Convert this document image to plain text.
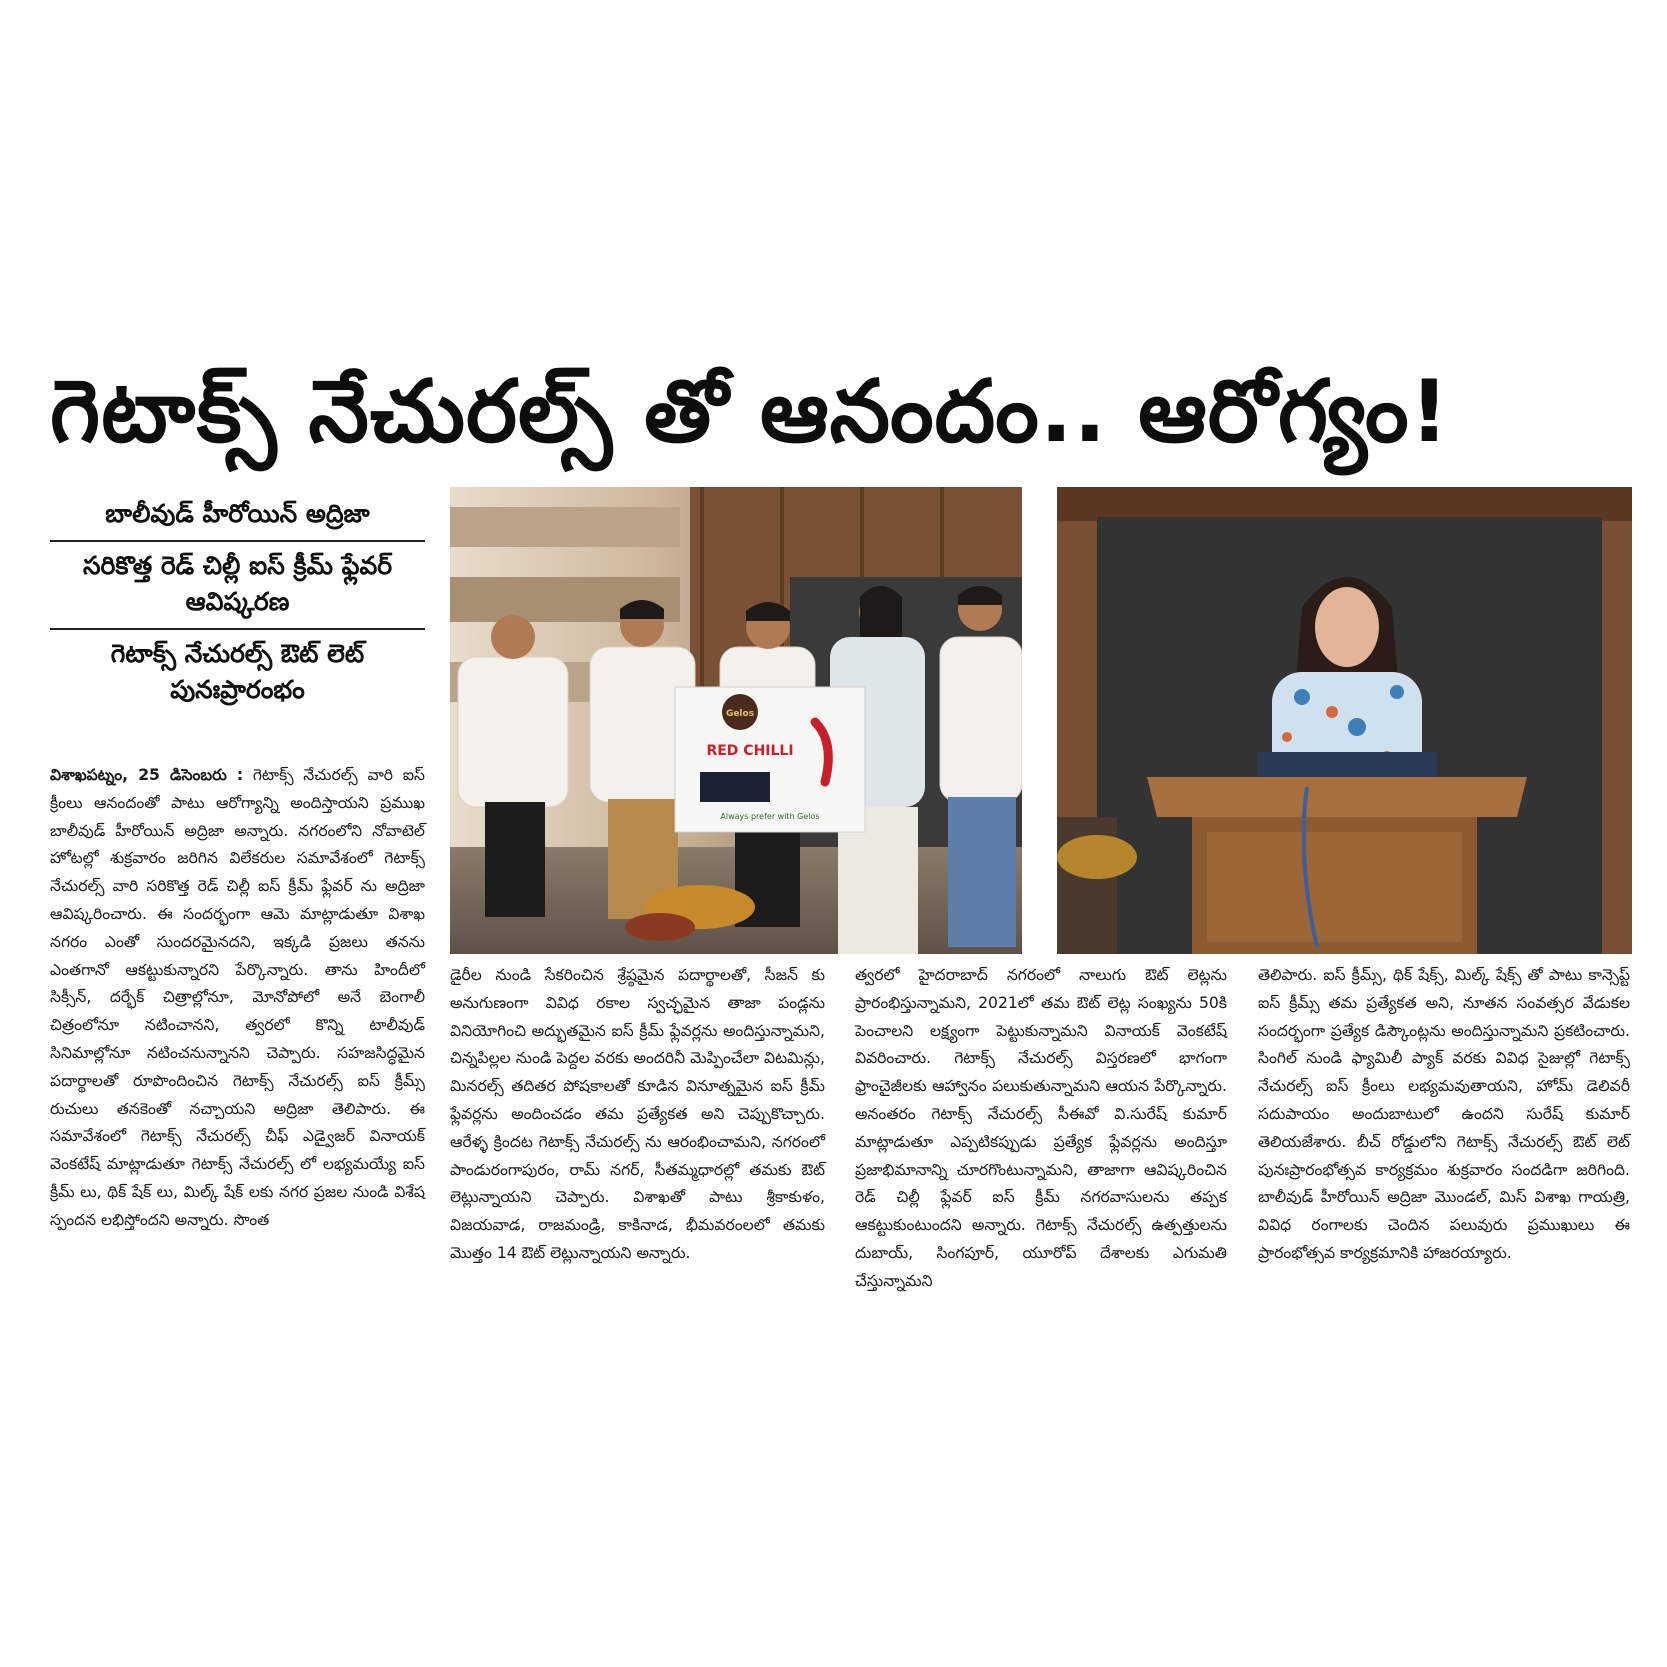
గెటాక్స్ నేచురల్స్ తో ఆనందం.. ఆరోగ్యం!
బాలీవుడ్ హీరోయిన్ అద్రిజా
సరికొత్త రెడ్ చిల్లీ ఐస్ క్రీమ్ ఫ్లేవర్ ఆవిష్కరణ
గెటాక్స్ నేచురల్స్ ఔట్ లెట్ పునఃప్రారంభం
Gelos
RED CHILLI
Always prefer with Gelos

విశాఖపట్నం, 25 డిసెంబరు : గెటాక్స్ నేచురల్స్ వారి ఐస్ క్రీంలు ఆనందంతో పాటు ఆరోగ్యాన్ని అందిస్తాయని ప్రముఖ బాలీవుడ్ హీరోయిన్ అద్రిజా అన్నారు. నగరంలోని నోవాటెల్ హోటల్లో శుక్రవారం జరిగిన విలేకరుల సమావేశంలో గెటాక్స్ నేచురల్స్ వారి సరికొత్త రెడ్ చిల్లీ ఐస్ క్రీమ్ ఫ్లేవర్ ను అద్రిజా ఆవిష్కరించారు. ఈ సందర్భంగా ఆమె మాట్లాడుతూ విశాఖ నగరం ఎంతో సుందరమైనదని, ఇక్కడి ప్రజలు తనను ఎంతగానో ఆకట్టుకున్నారని పేర్కొన్నారు. తాను హిందీలో సిక్సీన్, దర్భేక్ చిత్రాల్లోనూ, మోనోపోలో అనే బెంగాలీ చిత్రంలోనూ నటించానని, త్వరలో కొన్ని టాలీవుడ్ సినిమాల్లోనూ నటించనున్నానని చెప్పారు. సహజసిద్ధమైన పదార్థాలతో రూపొందించిన గెటాక్స్ నేచురల్స్ ఐస్ క్రీమ్స్ రుచులు తనకెంతో నచ్చాయని అద్రిజా తెలిపారు. ఈ సమావేశంలో గెటాక్స్ నేచురల్స్ చీఫ్ ఎడ్వైజర్ వినాయక్ వెంకటేష్ మాట్లాడుతూ గెటాక్స్ నేచురల్స్ లో లభ్యమయ్యే ఐస్ క్రీమ్ లు, థిక్ షేక్ లు, మిల్క్ షేక్ లకు నగర ప్రజల నుండి విశేష స్పందన లభిస్తోందని అన్నారు. సొంత

డైరీల నుండి సేకరించిన శ్రేష్ఠమైన పదార్థాలతో, సీజన్ కు అనుగుణంగా వివిధ రకాల స్వచ్ఛమైన తాజా పండ్లను వినియోగించి అద్భుతమైన ఐస్ క్రీమ్ ఫ్లేవర్లను అందిస్తున్నామని, చిన్నపిల్లల నుండి పెద్దల వరకు అందరినీ మెప్పించేలా విటమిన్లు, మినరల్స్ తదితర పోషకాలతో కూడిన వినూత్నమైన ఐస్ క్రీమ్ ఫ్లేవర్లను అందించడం తమ ప్రత్యేకత అని చెప్పుకొచ్చారు. ఆరేళ్ళ క్రిందట గెటాక్స్ నేచురల్స్ ను ఆరంభించామని, నగరంలో పాండురంగాపురం, రామ్ నగర్, సీతమ్మధారల్లో తమకు ఔట్ లెట్లున్నాయని చెప్పారు. విశాఖతో పాటు శ్రీకాకుళం, విజయవాడ, రాజమండ్రి, కాకినాడ, భీమవరంలలో తమకు మొత్తం 14 ఔట్ లెట్లున్నాయని అన్నారు.

త్వరలో హైదరాబాద్ నగరంలో నాలుగు ఔట్ లెట్లను ప్రారంభిస్తున్నామని, 2021లో తమ ఔట్ లెట్ల సంఖ్యను 50కి పెంచాలని లక్ష్యంగా పెట్టుకున్నామని వినాయక్ వెంకటేష్ వివరించారు. గెటాక్స్ నేచురల్స్ విస్తరణలో భాగంగా ఫ్రాంచైజీలకు ఆహ్వానం పలుకుతున్నామని ఆయన పేర్కొన్నారు. అనంతరం గెటాక్స్ నేచురల్స్ సీఈవో వి.సురేష్ కుమార్ మాట్లాడుతూ ఎప్పటికప్పుడు ప్రత్యేక ఫ్లేవర్లను అందిస్తూ ప్రజాభిమానాన్ని చూరగొంటున్నామని, తాజాగా ఆవిష్కరించిన రెడ్ చిల్లీ ఫ్లేవర్ ఐస్ క్రీమ్ నగరవాసులను తప్పక ఆకట్టుకుంటుందని అన్నారు. గెటాక్స్ నేచురల్స్ ఉత్పత్తులను దుబాయ్, సింగపూర్, యూరోప్ దేశాలకు ఎగుమతి చేస్తున్నామని

తెలిపారు. ఐస్ క్రీమ్స్, థిక్ షేక్స్, మిల్క్ షేక్స్ తో పాటు కాన్సెప్ట్ ఐస్ క్రీమ్స్ తమ ప్రత్యేకత అని, నూతన సంవత్సర వేడుకల సందర్భంగా ప్రత్యేక డిస్కౌంట్లను అందిస్తున్నామని ప్రకటించారు. సింగిల్ నుండి ఫ్యామిలీ ప్యాక్ వరకు వివిధ సైజుల్లో గెటాక్స్ నేచురల్స్ ఐస్ క్రీంలు లభ్యమవుతాయని, హోమ్ డెలివరీ సదుపాయం అందుబాటులో ఉందని సురేష్ కుమార్ తెలియజేశారు. బీచ్ రోడ్డులోని గెటాక్స్ నేచురల్స్ ఔట్ లెట్ పునఃప్రారంభోత్సవ కార్యక్రమం శుక్రవారం సందడిగా జరిగింది. బాలీవుడ్ హీరోయిన్ అద్రిజా మొండల్, మిస్ విశాఖ గాయత్రి, వివిధ రంగాలకు చెందిన పలువురు ప్రముఖులు ఈ ప్రారంభోత్సవ కార్యక్రమానికి హాజరయ్యారు.
